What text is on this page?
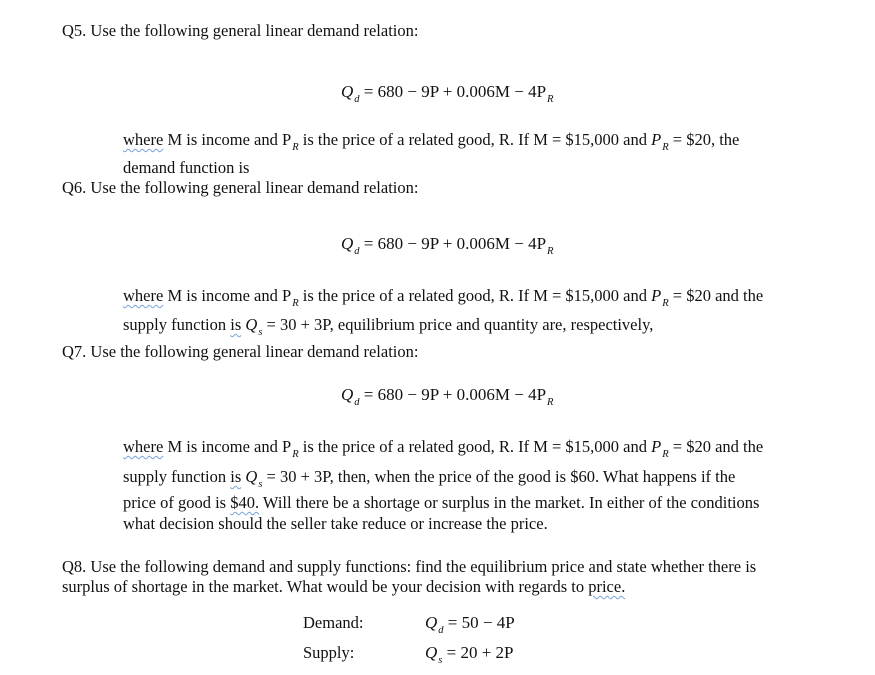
Q5. Use the following general linear demand relation:
$Q_d = 680 - 9P + 0.006M - 4P_R$
where M is income and $P_R$ is the price of a related good, R. If M = $15,000 and $P_R$ = $20, the
demand function is
Q6. Use the following general linear demand relation:
$Q_d = 680 - 9P + 0.006M - 4P_R$
where M is income and $P_R$ is the price of a related good, R. If M = $15,000 and $P_R$ = $20 and the
supply function is $Q_s = 30 + 3P$, equilibrium price and quantity are, respectively,
Q7. Use the following general linear demand relation:
$Q_d = 680 - 9P + 0.006M - 4P_R$
where M is income and $P_R$ is the price of a related good, R. If M = $15,000 and $P_R$ = $20 and the
supply function is $Q_s = 30 + 3P$, then, when the price of the good is $60. What happens if the
price of good is $40. Will there be a shortage or surplus in the market. In either of the conditions
what decision should the seller take reduce or increase the price.
Q8. Use the following demand and supply functions: find the equilibrium price and state whether there is
surplus of shortage in the market. What would be your decision with regards to price.
Demand:	$Q_d = 50 - 4P$
Supply:	$Q_s = 20 + 2P$
